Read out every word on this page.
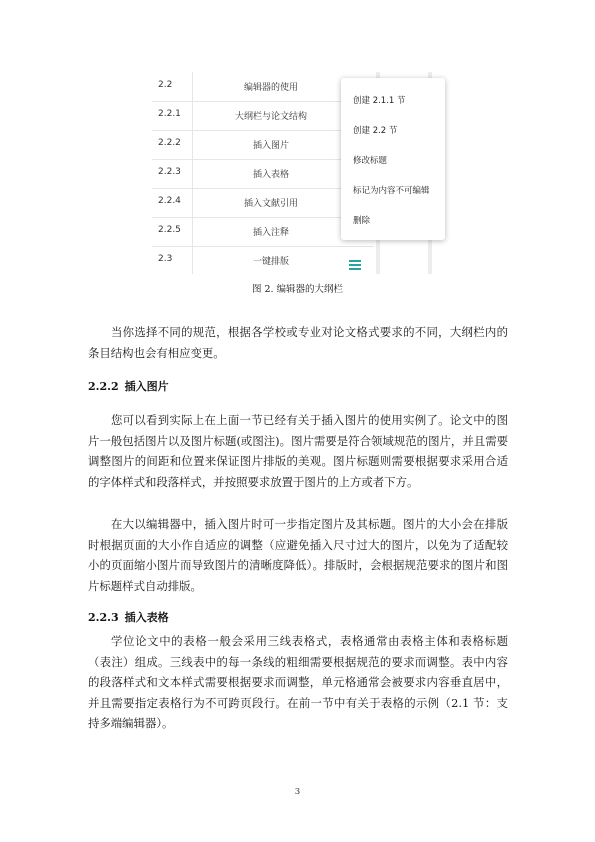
2.2	编辑器的使用
2.2.1	大纲栏与论文结构
2.2.2	插入图片
2.2.3	插入表格
2.2.4	插入文献引用
2.2.5	插入注释
2.3	一键排版
创建 2.1.1 节
创建 2.2 节
修改标题
标记为内容不可编辑
删除
图 2. 编辑器的大纲栏
当你选择不同的规范，根据各学校或专业对论文格式要求的不同，大纲栏内的条目结构也会有相应变更。
2.2.2 插入图片
您可以看到实际上在上面一节已经有关于插入图片的使用实例了。论文中的图片一般包括图片以及图片标题(或图注)。图片需要是符合领域规范的图片，并且需要调整图片的间距和位置来保证图片排版的美观。图片标题则需要根据要求采用合适的字体样式和段落样式，并按照要求放置于图片的上方或者下方。
在大以编辑器中，插入图片时可一步指定图片及其标题。图片的大小会在排版时根据页面的大小作自适应的调整（应避免插入尺寸过大的图片，以免为了适配较小的页面缩小图片而导致图片的清晰度降低）。排版时，会根据规范要求的图片和图片标题样式自动排版。
2.2.3 插入表格
学位论文中的表格一般会采用三线表格式，表格通常由表格主体和表格标题（表注）组成。三线表中的每一条线的粗细需要根据规范的要求而调整。表中内容的段落样式和文本样式需要根据要求而调整，单元格通常会被要求内容垂直居中，并且需要指定表格行为不可跨页段行。在前一节中有关于表格的示例（2.1 节：支持多端编辑器）。
3
